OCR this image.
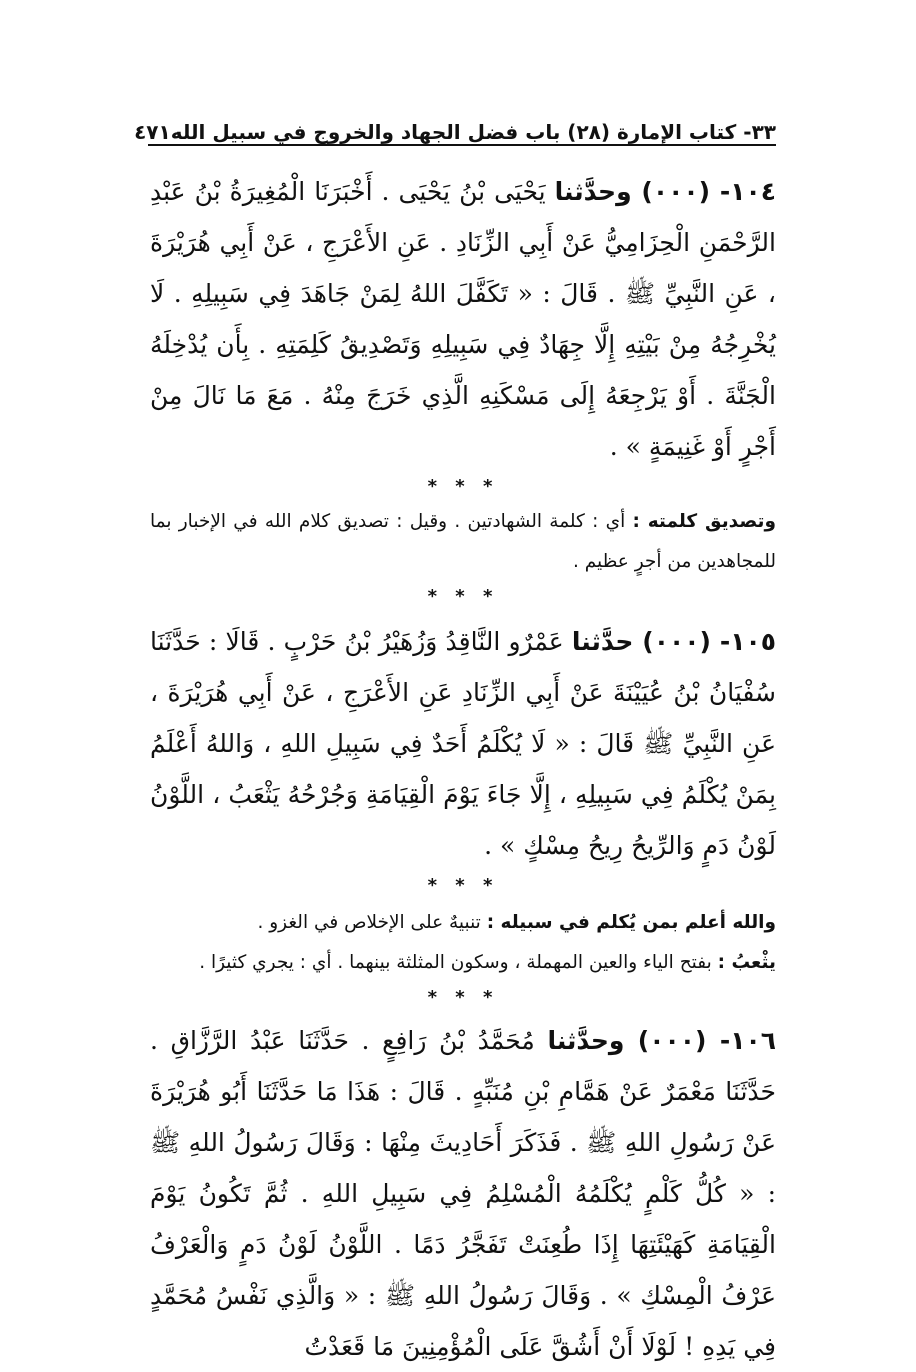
٣٣- كتاب الإمارة (٢٨) باب فضل الجهاد والخروج في سبيل الله
٤٧١

١٠٤- (٠٠٠) وحدَّثنا يَحْيَى بْنُ يَحْيَى . أَخْبَرَنَا الْمُغِيرَةُ بْنُ عَبْدِ الرَّحْمَنِ الْحِزَامِيُّ عَنْ أَبِي الزِّنَادِ . عَنِ الأَعْرَجِ ، عَنْ أَبِي هُرَيْرَةَ ، عَنِ النَّبِيِّ ﷺ . قَالَ : « تَكَفَّلَ اللهُ لِمَنْ جَاهَدَ فِي سَبِيلِهِ . لَا يُخْرِجُهُ مِنْ بَيْتِهِ إِلَّا جِهَادٌ فِي سَبِيلِهِ وَتَصْدِيقُ كَلِمَتِهِ . بِأَن يُدْخِلَهُ الْجَنَّةَ . أَوْ يَرْجِعَهُ إِلَى مَسْكَنِهِ الَّذِي خَرَجَ مِنْهُ . مَعَ مَا نَالَ مِنْ أَجْرٍ أَوْ غَنِيمَةٍ » .

* * *

وتصديق كلمته : أي : كلمة الشهادتين . وقيل : تصديق كلام الله في الإخبار بما للمجاهدين من أجرٍ عظيم .

* * *

١٠٥- (٠٠٠) حدَّثنا عَمْرٌو النَّاقِدُ وَزُهَيْرُ بْنُ حَرْبٍ . قَالَا : حَدَّثَنَا سُفْيَانُ بْنُ عُيَيْنَةَ عَنْ أَبِي الزِّنَادِ عَنِ الأَعْرَجِ ، عَنْ أَبِي هُرَيْرَةَ ، عَنِ النَّبِيِّ ﷺ قَالَ : « لَا يُكْلَمُ أَحَدٌ فِي سَبِيلِ اللهِ ، وَاللهُ أَعْلَمُ بِمَنْ يُكْلَمُ فِي سَبِيلِهِ ، إِلَّا جَاءَ يَوْمَ الْقِيَامَةِ وَجُرْحُهُ يَثْعَبُ ، اللَّوْنُ لَوْنُ دَمٍ وَالرِّيحُ رِيحُ مِسْكٍ » .

* * *

والله أعلم بمن يُكلم في سبيله : تنبيهٌ على الإخلاص في الغزو .

يثْعبُ : بفتح الياء والعين المهملة ، وسكون المثلثة بينهما . أي : يجري كثيرًا .

* * *

١٠٦- (٠٠٠) وحدَّثنا مُحَمَّدُ بْنُ رَافِعٍ . حَدَّثَنَا عَبْدُ الرَّزَّاقِ . حَدَّثَنَا مَعْمَرٌ عَنْ هَمَّامِ بْنِ مُنَبِّهٍ . قَالَ : هَذَا مَا حَدَّثَنَا أَبُو هُرَيْرَةَ عَنْ رَسُولِ اللهِ ﷺ . فَذَكَرَ أَحَادِيثَ مِنْهَا : وَقَالَ رَسُولُ اللهِ ﷺ : « كُلُّ كَلْمٍ يُكْلَمُهُ الْمُسْلِمُ فِي سَبِيلِ اللهِ . ثُمَّ تَكُونُ يَوْمَ الْقِيَامَةِ كَهَيْئَتِهَا إِذَا طُعِنَتْ تَفَجَّرُ دَمًا . اللَّوْنُ لَوْنُ دَمٍ وَالْعَرْفُ عَرْفُ الْمِسْكِ » . وَقَالَ رَسُولُ اللهِ ﷺ : « وَالَّذِي نَفْسُ مُحَمَّدٍ فِي يَدِهِ ! لَوْلَا أَنْ أَشُقَّ عَلَى الْمُؤْمِنِينَ مَا قَعَدْتُ
